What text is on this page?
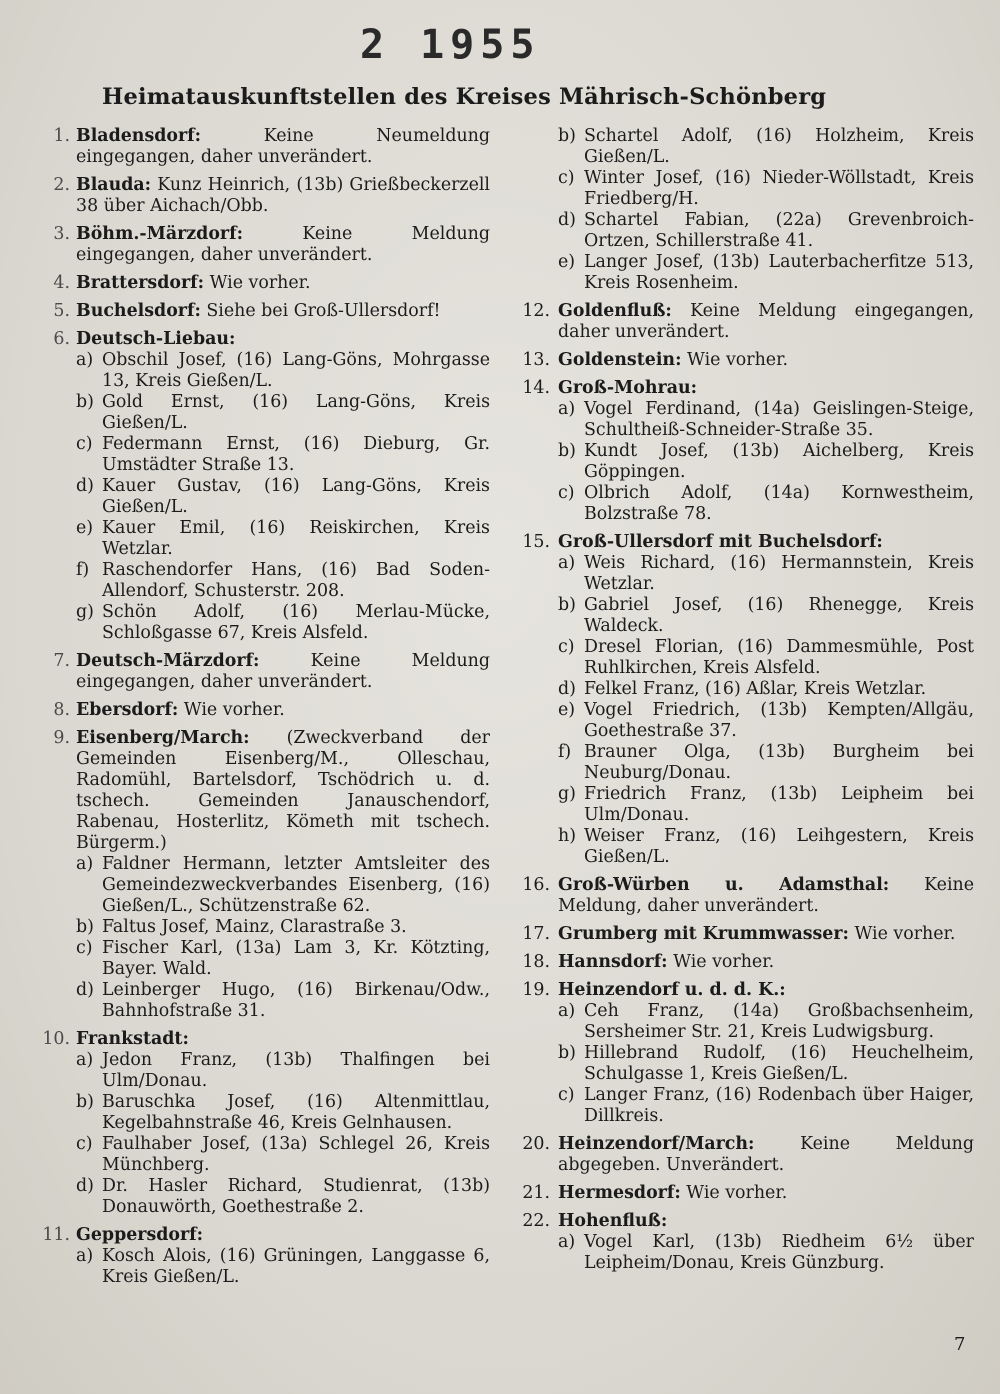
2 1955
Heimatauskunftstellen des Kreises Mährisch-Schönberg
1. Bladensdorf:	Keine Neumeldung eingegangen, daher unverändert.
2. Blauda: Kunz Heinrich, (13b) Grießbeckerzell 38 über Aichach/Obb.
3. Böhm.-Märzdorf:	Keine Meldung eingegangen, daher unverändert.
4. Brattersdorf: Wie vorher.
5. Buchelsdorf: Siehe bei Groß-Ullersdorf!
6. Deutsch-Liebau:
a) Obschil Josef, (16) Lang-Göns, Mohrgasse 13, Kreis Gießen/L.
b) Gold Ernst, (16) Lang-Göns, Kreis Gießen/L.
c) Federmann Ernst, (16) Dieburg, Gr. Umstädter Straße 13.
d) Kauer Gustav, (16) Lang-Göns, Kreis Gießen/L.
e) Kauer Emil, (16) Reiskirchen, Kreis Wetzlar.
f) Raschendorfer Hans, (16) Bad Soden-Allendorf, Schusterstr. 208.
g) Schön Adolf, (16) Merlau-Mücke, Schloßgasse 67, Kreis Alsfeld.
7. Deutsch-Märzdorf:	Keine Meldung eingegangen, daher unverändert.
8. Ebersdorf: Wie vorher.
9. Eisenberg/March: (Zweckverband der Gemeinden Eisenberg/M., Olleschau, Radomühl, Bartelsdorf, Tschödrich u. d. tschech. Gemeinden Janauschendorf, Rabenau, Hosterlitz, Kömeth mit tschech. Bürgerm.)
a) Faldner Hermann, letzter Amtsleiter des Gemeindezweckverbandes Eisenberg, (16) Gießen/L., Schützenstraße 62.
b) Faltus Josef, Mainz, Clarastraße 3.
c) Fischer Karl, (13a) Lam 3, Kr. Kötzting, Bayer. Wald.
d) Leinberger Hugo, (16) Birkenau/Odw., Bahnhofstraße 31.
10. Frankstadt:
a) Jedon Franz, (13b) Thalfingen bei Ulm/Donau.
b) Baruschka Josef, (16) Altenmittlau, Kegelbahnstraße 46, Kreis Gelnhausen.
c) Faulhaber Josef, (13a) Schlegel 26, Kreis Münchberg.
d) Dr. Hasler Richard, Studienrat, (13b) Donauwörth, Goethestraße 2.
11. Geppersdorf:
a) Kosch Alois, (16) Grüningen, Langgasse 6, Kreis Gießen/L.
b) Schartel Adolf, (16) Holzheim, Kreis Gießen/L.
c) Winter Josef, (16) Nieder-Wöllstadt, Kreis Friedberg/H.
d) Schartel Fabian, (22a) Grevenbroich-Ortzen, Schillerstraße 41.
e) Langer Josef, (13b) Lauterbacherfitze 513, Kreis Rosenheim.
12. Goldenfluß: Keine Meldung eingegangen, daher unverändert.
13. Goldenstein: Wie vorher.
14. Groß-Mohrau:
a) Vogel Ferdinand, (14a) Geislingen-Steige, Schultheiß-Schneider-Straße 35.
b) Kundt Josef, (13b) Aichelberg, Kreis Göppingen.
c) Olbrich Adolf, (14a) Kornwestheim, Bolzstraße 78.
15. Groß-Ullersdorf mit Buchelsdorf:
a) Weis Richard, (16) Hermannstein, Kreis Wetzlar.
b) Gabriel Josef, (16) Rhenegge, Kreis Waldeck.
c) Dresel Florian, (16) Dammesmühle, Post Ruhlkirchen, Kreis Alsfeld.
d) Felkel Franz, (16) Aßlar, Kreis Wetzlar.
e) Vogel Friedrich, (13b) Kempten/Allgäu, Goethestraße 37.
f) Brauner Olga, (13b) Burgheim bei Neuburg/Donau.
g) Friedrich Franz, (13b) Leipheim bei Ulm/Donau.
h) Weiser Franz, (16) Leihgestern, Kreis Gießen/L.
16. Groß-Würben u. Adamsthal: Keine Meldung, daher unverändert.
17. Grumberg mit Krummwasser: Wie vorher.
18. Hannsdorf: Wie vorher.
19. Heinzendorf u. d. d. K.:
a) Ceh Franz, (14a) Großbachsenheim, Sersheimer Str. 21, Kreis Ludwigsburg.
b) Hillebrand Rudolf, (16) Heuchelheim, Schulgasse 1, Kreis Gießen/L.
c) Langer Franz, (16) Rodenbach über Haiger, Dillkreis.
20. Heinzendorf/March:	Keine Meldung abgegeben. Unverändert.
21. Hermesdorf: Wie vorher.
22. Hohenfluß:
a) Vogel Karl, (13b) Riedheim 6½ über Leipheim/Donau, Kreis Günzburg.
7
